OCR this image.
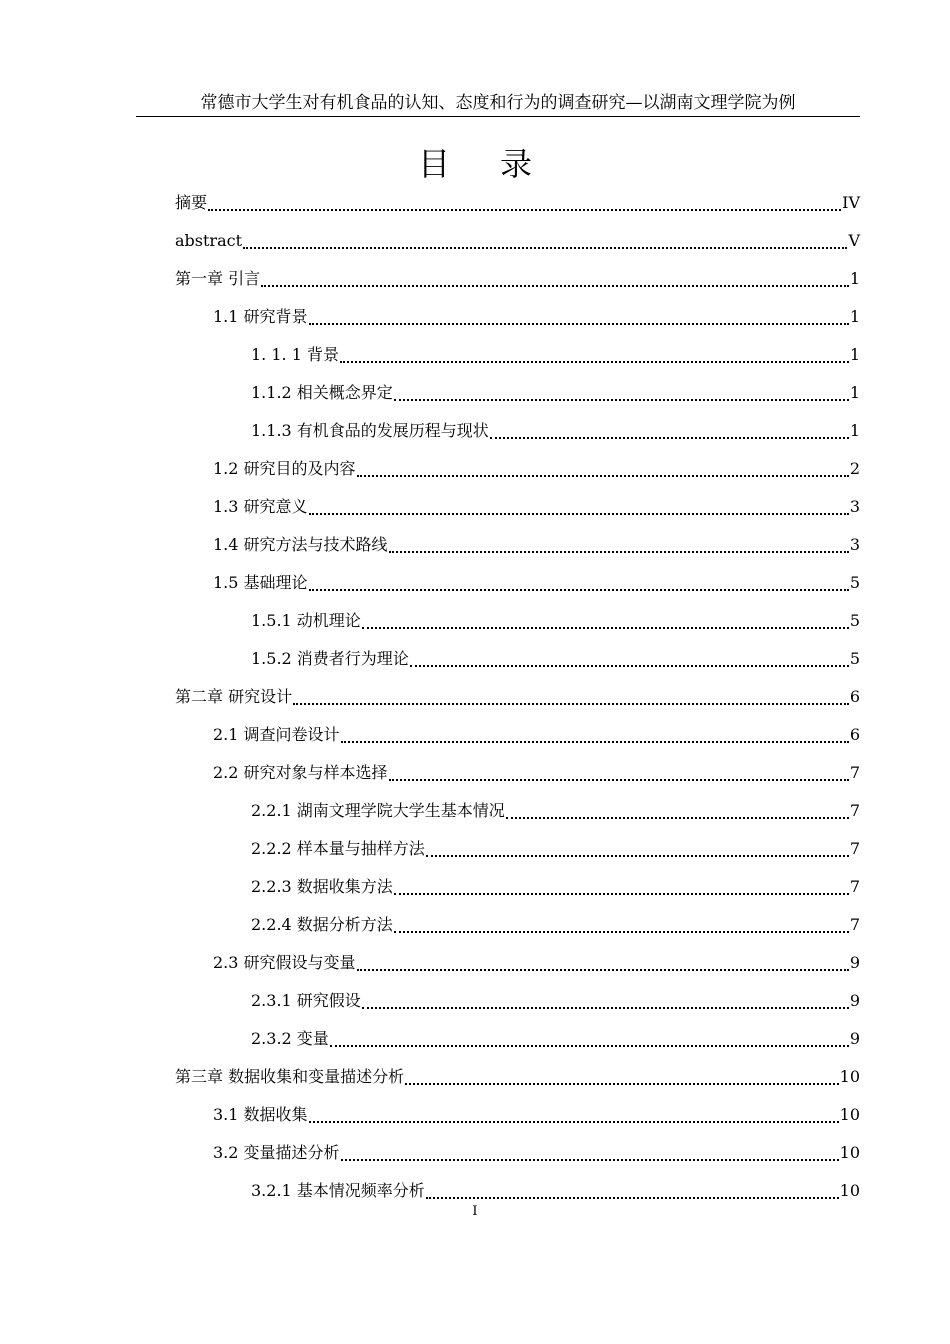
常德市大学生对有机食品的认知、态度和行为的调查研究—以湖南文理学院为例
目录
摘要	IV
abstract	V
第一章 引言	1
1.1 研究背景	1
1. 1. 1 背景	1
1.1.2 相关概念界定	1
1.1.3 有机食品的发展历程与现状	1
1.2 研究目的及内容	2
1.3 研究意义	3
1.4 研究方法与技术路线	3
1.5 基础理论	5
1.5.1 动机理论	5
1.5.2 消费者行为理论	5
第二章 研究设计	6
2.1 调查问卷设计	6
2.2 研究对象与样本选择	7
2.2.1 湖南文理学院大学生基本情况	7
2.2.2 样本量与抽样方法	7
2.2.3 数据收集方法	7
2.2.4 数据分析方法	7
2.3 研究假设与变量	9
2.3.1 研究假设	9
2.3.2 变量	9
第三章 数据收集和变量描述分析	10
3.1 数据收集	10
3.2 变量描述分析	10
3.2.1 基本情况频率分析	10
I
